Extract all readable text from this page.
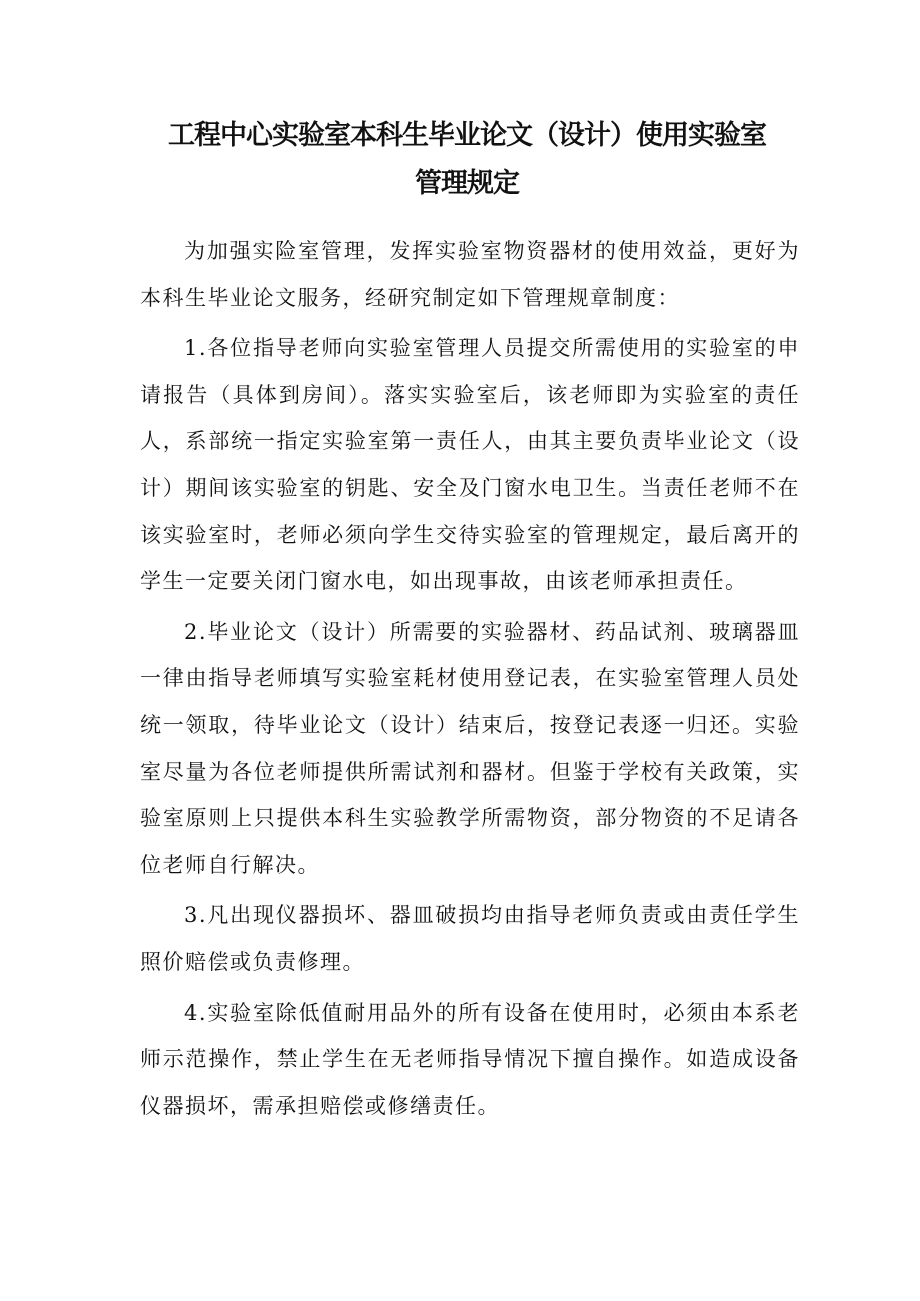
工程中心实验室本科生毕业论文（设计）使用实验室
管理规定

为加强实险室管理，发挥实验室物资器材的使用效益，更好为本科生毕业论文服务，经研究制定如下管理规章制度：

1.各位指导老师向实验室管理人员提交所需使用的实验室的申请报告（具体到房间）。落实实验室后，该老师即为实验室的责任人，系部统一指定实验室第一责任人，由其主要负责毕业论文（设计）期间该实验室的钥匙、安全及门窗水电卫生。当责任老师不在该实验室时，老师必须向学生交待实验室的管理规定，最后离开的学生一定要关闭门窗水电，如出现事故，由该老师承担责任。

2.毕业论文（设计）所需要的实验器材、药品试剂、玻璃器皿一律由指导老师填写实验室耗材使用登记表，在实验室管理人员处统一领取，待毕业论文（设计）结束后，按登记表逐一归还。实验室尽量为各位老师提供所需试剂和器材。但鉴于学校有关政策，实验室原则上只提供本科生实验教学所需物资，部分物资的不足请各位老师自行解决。

3.凡出现仪器损坏、器皿破损均由指导老师负责或由责任学生照价赔偿或负责修理。

4.实验室除低值耐用品外的所有设备在使用时，必须由本系老师示范操作，禁止学生在无老师指导情况下擅自操作。如造成设备仪器损坏，需承担赔偿或修缮责任。
